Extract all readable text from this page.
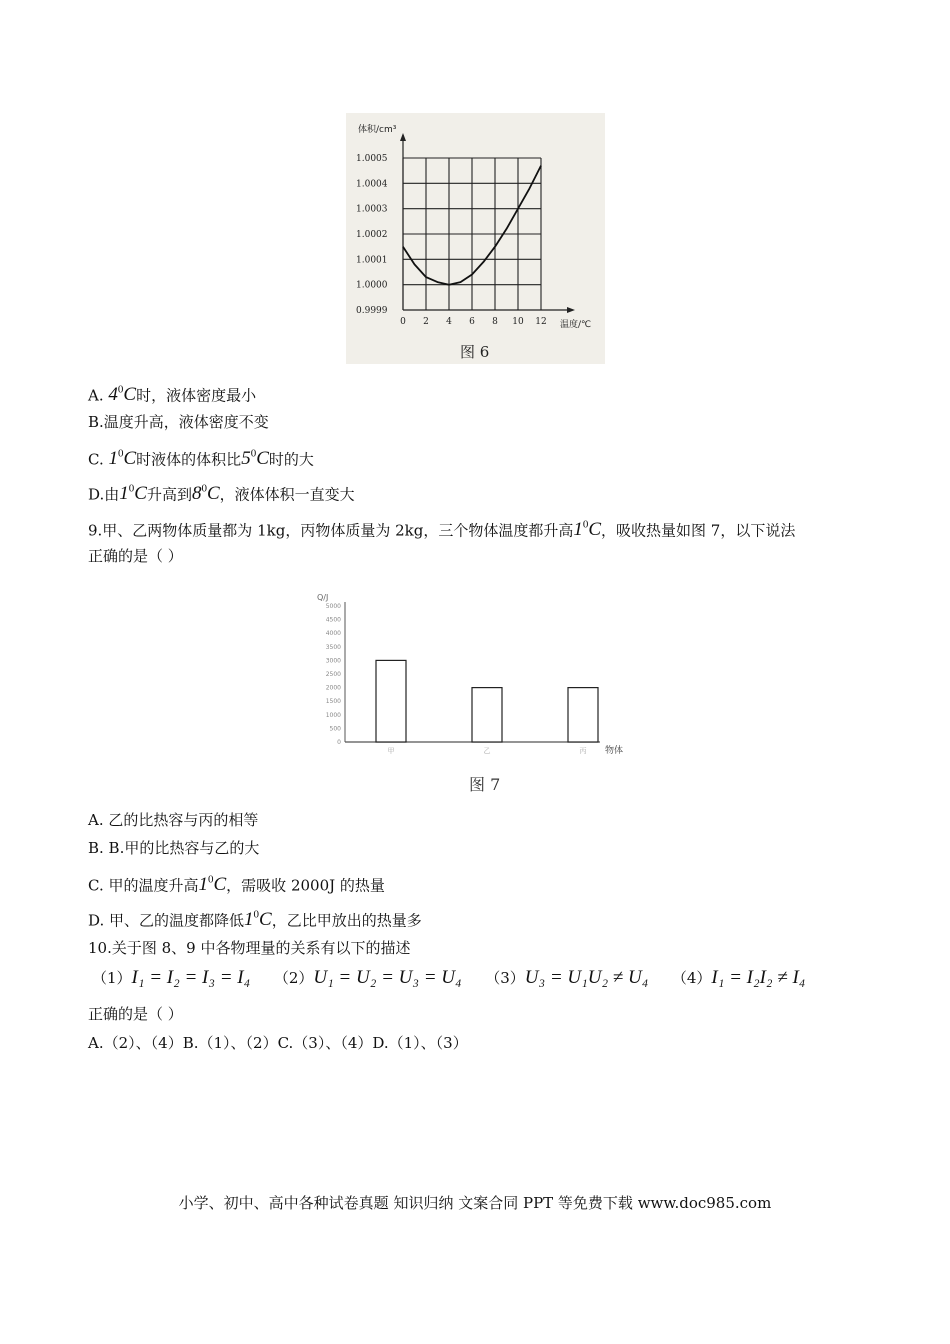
1.0005
1.0004
1.0003
1.0002
1.0001
1.0000
0.9999
0 2 4 6 8 10 12
体积/cm³
温度/℃
图 6
A. $4^0C$时，液体密度最小
B.温度升高，液体密度不变
C. $1^0C$时液体的体积比$5^0C$时的大
D.由$1^0C$升高到$8^0C$，液体体积一直变大
9.甲、乙两物体质量都为 1kg，丙物体质量为 2kg，三个物体温度都升高$1^0C$，吸收热量如图 7，以下说法
正确的是（ ）
5000
4500
4000
3500
3000
2500
2000
1500
1000
500
0
甲	乙	丙
Q/J
物体
图 7
A. 乙的比热容与丙的相等
B. B.甲的比热容与乙的大
C. 甲的温度升高$1^0C$，需吸收 2000J 的热量
D. 甲、乙的温度都降低$1^0C$，乙比甲放出的热量多
10.关于图 8、9 中各物理量的关系有以下的描述
（1）I₁ = I₂ = I₃ = I₄ （2）U₁ = U₂ = U₃ = U₄ （3）U₃ = U₁U₂ ≠ U₄ （4）I₁ = I₂I₂ ≠ I₄
正确的是（ ）
A.（2）、（4）B.（1）、（2）C.（3）、（4）D.（1）、（3）
小学、初中、高中各种试卷真题 知识归纳 文案合同 PPT 等免费下载 www.doc985.com
